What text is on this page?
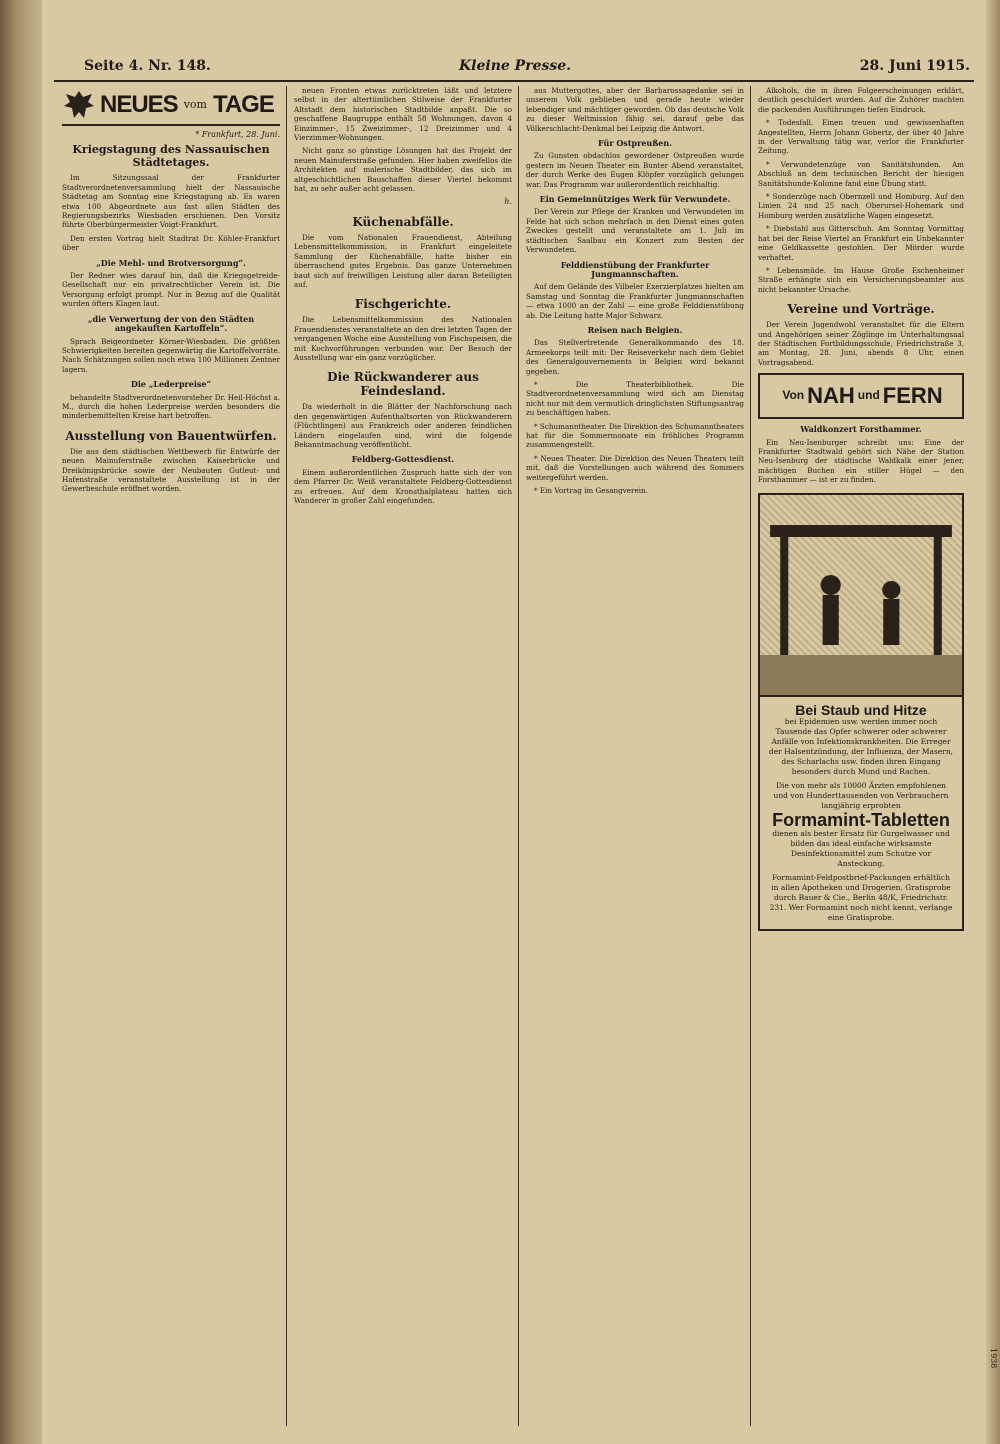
Seite 4. Nr. 148.	Kleine Presse.	28. Juni 1915.
NEUES vom TAGE
* Frankfurt, 28. Juni.
Kriegstagung des Nassauischen Städtetages.

Im Sitzungssaal der Frankfurter Stadtverordnetenversammlung hielt der Nassauische Städtetag am Sonntag eine Kriegstagung ab. Es waren etwa 100 Abgeordnete aus fast allen Städten des Regierungsbezirks Wiesbaden erschienen. Den Vorsitz führte Oberbürgermeister Voigt-Frankfurt.

Den ersten Vortrag hielt Stadtrat Dr. Köhler-Frankfurt über

„Die Mehl- und Brotversorgung“.

Der Redner wies darauf hin, daß die Kriegsgetreide-Gesellschaft nur ein privatrechtlicher Verein ist. Die Versorgung erfolgt prompt. Nur in Bezug auf die Qualität wurden öfters Klagen laut.

„die Verwertung der von den Städten angekauften Kartoffeln“.

Sprach Beigeordneter Körner-Wiesbaden. Die größten Schwierigkeiten bereiten gegenwärtig die Kartoffelvorräte. Nach Schätzungen sollen noch etwa 100 Millionen Zentner lagern.

Die „Lederpreise“

behandelte Stadtverordnetenvorsteher Dr. Heil-Höchst a. M., durch die hohen Lederpreise werden besonders die minderbemittelten Kreise hart betroffen.

Ausstellung von Bauentwürfen.

Die aus dem städtischen Wettbewerb für Entwürfe der neuen Mainuferstraße zwischen Kaiserbrücke und Dreikönigsbrücke sowie der Neubauten Gutleut- und Hafenstraße veranstaltete Ausstellung ist in der Gewerbeschule eröffnet worden.

neuen Fronten etwas zurücktreten läßt und letztere selbst in der altertümlichen Stilweise der Frankfurter Altstadt dem historischen Stadtbilde anpaßt. Die so geschaffene Baugruppe enthält 58 Wohnungen, davon 4 Einzimmer-, 15 Zweizimmer-, 12 Dreizimmer und 4 Vierzimmer-Wohnungen.

Nicht ganz so günstige Lösungen hat das Projekt der neuen Mainuferstraße gefunden. Hier haben zweifellos die Architekten auf malerische Stadtbilder, das sich im altgeschichtlichen Bauschaffen dieser Viertel bekommt hat, zu sehr außer acht gelassen.

h.
Küchenabfälle.

Die vom Nationalen Frauendienst, Abteilung Lebensmittelkommission, in Frankfurt eingeleitete Sammlung der Küchenabfälle, hatte bisher ein überraschend gutes Ergebnis. Das ganze Unternehmen baut sich auf freiwilligen Leistung aller daran Beteiligten auf.

Fischgerichte.

Die Lebensmittelkommission des Nationalen Frauendienstes veranstaltete an den drei letzten Tagen der vergangenen Woche eine Ausstellung von Fischspeisen, die mit Kochvorführungen verbunden war. Der Besuch der Ausstellung war ein ganz vorzüglicher.

Die Rückwanderer aus Feindesland.

Da wiederholt in die Blätter der Nachforschung nach den gegenwärtigen Aufenthaltsorten von Rückwanderern (Flüchtlingen) aus Frankreich oder anderen feindlichen Ländern eingelaufen sind, wird die folgende Bekanntmachung veröffentlicht.

Feldberg-Gottesdienst.

Einem außerordentlichen Zuspruch hatte sich der von dem Pfarrer Dr. Weiß veranstaltete Feldberg-Gottesdienst zu erfreuen. Auf dem Kronsthalplateau hatten sich Wanderer in großer Zahl eingefunden.

aus Muttergottes, aber der Barbarossagedanke sei in unserem Volk geblieben und gerade heute wieder lebendiger und mächtiger geworden. Ob das deutsche Volk zu dieser Weltmission fähig sei, darauf gebe das Völkerschlacht-Denkmal bei Leipzig die Antwort.

Für Ostpreußen.

Zu Gunsten obdachlos gewordener Ostpreußen wurde gestern im Neuen Theater ein Bunter Abend veranstaltet, der durch Werke des Eugen Klöpfer vorzüglich gelungen war. Das Programm war außerordentlich reichhaltig.

Ein Gemeinnütziges Werk für Verwundete.

Der Verein zur Pflege der Kranken und Verwundeten im Felde hat sich schon mehrfach in den Dienst eines guten Zweckes gestellt und veranstaltete am 1. Juli im städtischen Saalbau ein Konzert zum Besten der Verwundeten.

Felddienstübung der Frankfurter Jungmannschaften.

Auf dem Gelände des Vilbeler Exerzierplatzes hielten am Samstag und Sonntag die Frankfurter Jungmannschaften — etwa 1000 an der Zahl — eine große Felddienstübung ab. Die Leitung hatte Major Schwarz.

Reisen nach Belgien.

Das Stellvertretende Generalkommando des 18. Armeekorps teilt mit: Der Reiseverkehr nach dem Gebiet des Generalgouvernements in Belgien wird bekannt gegeben.

* Die Theaterbibliothek. Die Stadtverordnetenversammlung wird sich am Dienstag nicht nur mit dem vermutlich dringlichsten Stiftungsantrag zu beschäftigen haben.

* Schumanntheater. Die Direktion des Schumanntheaters hat für die Sommermonate ein fröhliches Programm zusammengestellt.

* Neues Theater. Die Direktion des Neuen Theaters teilt mit, daß die Vorstellungen auch während des Sommers weitergeführt werden.

* Ein Vortrag im Gesangverein.

Alkohols, die in ihren Folgeerscheinungen erklärt, deutlich geschildert wurden. Auf die Zuhörer machten die packenden Ausführungen tiefen Eindruck.

* Todesfall. Einen treuen und gewissenhaften Angestellten, Herrn Johann Gobertz, der über 40 Jahre in der Verwaltung tätig war, verlor die Frankfurter Zeitung.

* Verwundetenzüge von Sanitätshunden. Am Abschluß an dem technischen Bericht der hiesigen Sanitätshunde-Kolonne fand eine Übung statt.

* Sonderzüge nach Obernzell und Homburg. Auf den Linien 24 und 25 nach Oberursel-Hohemark und Homburg werden zusätzliche Wagen eingesetzt.

* Diebstahl aus Gitterschuh. Am Sonntag Vormittag hat bei der Reise Viertel an Frankfurt ein Unbekannter eine Geldkassette gestohlen. Der Mörder wurde verhaftet.

* Lebensmüde. Im Hause Große Eschenheimer Straße erhängte sich ein Versicherungsbeamter aus nicht bekannter Ursache.

Vereine und Vorträge.

Der Verein Jugendwohl veranstaltet für die Eltern und Angehörigen seiner Zöglinge im Unterhaltungsaal der Städtischen Fortbildungsschule, Friedrichstraße 3, am Montag, 28. Juni, abends 8 Uhr, einen Vortragsabend.

Von NAH und FERN
Waldkonzert Forsthammer.

Ein Neu-Isenburger schreibt uns: Eine der Frankfurter Stadtwald gehört sich Nähe der Station Neu-Isenburg der städtische Waldkalk einer jener, mächtigen Buchen ein stiller Hügel — den Forsthammer — ist er zu finden.

Bei Staub und Hitze
bei Epidemien usw. werden immer noch Tausende das Opfer schwerer oder schwerer Anfälle von Infektionskrankheiten. Die Erreger der Halsentzündung, der Influenza, der Masern, des Scharlachs usw. finden ihren Eingang besonders durch Mund und Rachen.
Die von mehr als 10000 Ärzten empfohlenen und von Hunderttausenden von Verbrauchern langjährig erprobten
Formamint-Tabletten
dienen als bester Ersatz für Gurgelwasser und bilden das ideal einfache wirksamste Desinfektionsmittel zum Schutze vor Ansteckung.
Formamint-Feldpostbrief-Packungen erhältlich in allen Apotheken und Drogerien. Gratisprobe durch Bauer & Cie., Berlin 48/K, Friedrichstr. 231. Wer Formamint noch nicht kennt, verlange eine Gratisprobe.
1938
